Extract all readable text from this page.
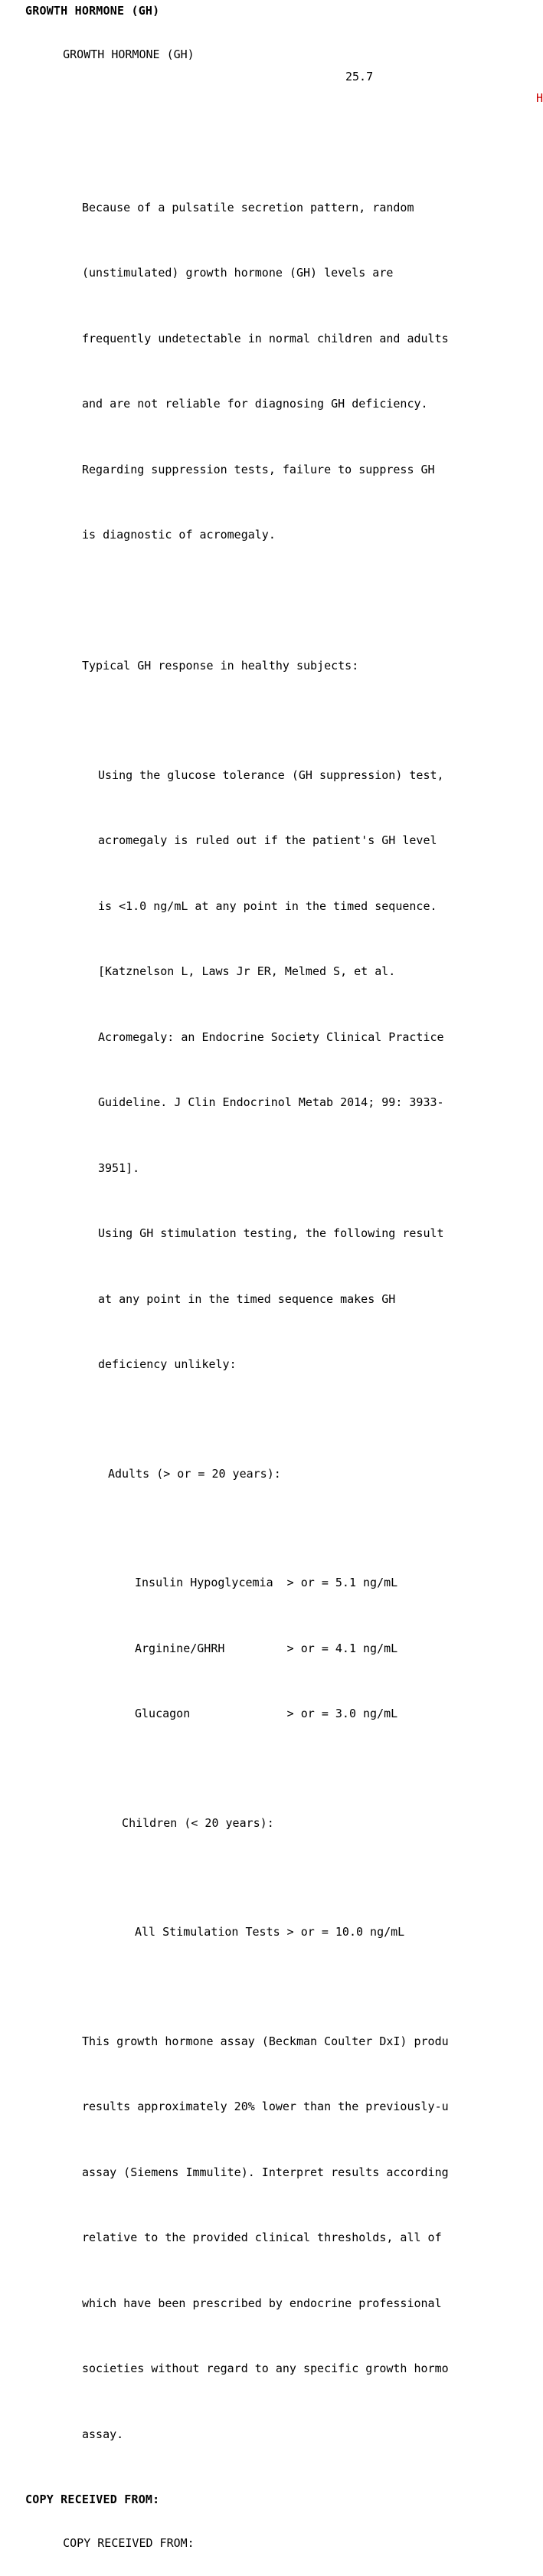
GROWTH HORMONE (GH)

GROWTH HORMONE (GH)

25.7

H

Because of a pulsatile secretion pattern, random

(unstimulated) growth hormone (GH) levels are

frequently undetectable in normal children and adults

and are not reliable for diagnosing GH deficiency.

Regarding suppression tests, failure to suppress GH

is diagnostic of acromegaly.

Typical GH response in healthy subjects:

Using the glucose tolerance (GH suppression) test,

acromegaly is ruled out if the patient's GH level

is <1.0 ng/mL at any point in the timed sequence.

[Katznelson L, Laws Jr ER, Melmed S, et al.

Acromegaly: an Endocrine Society Clinical Practice

Guideline. J Clin Endocrinol Metab 2014; 99: 3933-

3951].

Using GH stimulation testing, the following result

at any point in the timed sequence makes GH

deficiency unlikely:

Adults (> or = 20 years):

Insulin Hypoglycemia  > or = 5.1 ng/mL

Arginine/GHRH         > or = 4.1 ng/mL

Glucagon              > or = 3.0 ng/mL

Children (< 20 years):

All Stimulation Tests > or = 10.0 ng/mL

This growth hormone assay (Beckman Coulter DxI) produ

results approximately 20% lower than the previously-u

assay (Siemens Immulite). Interpret results according

relative to the provided clinical thresholds, all of

which have been prescribed by endocrine professional

societies without regard to any specific growth hormo

assay.

COPY RECEIVED FROM:

COPY RECEIVED FROM:
